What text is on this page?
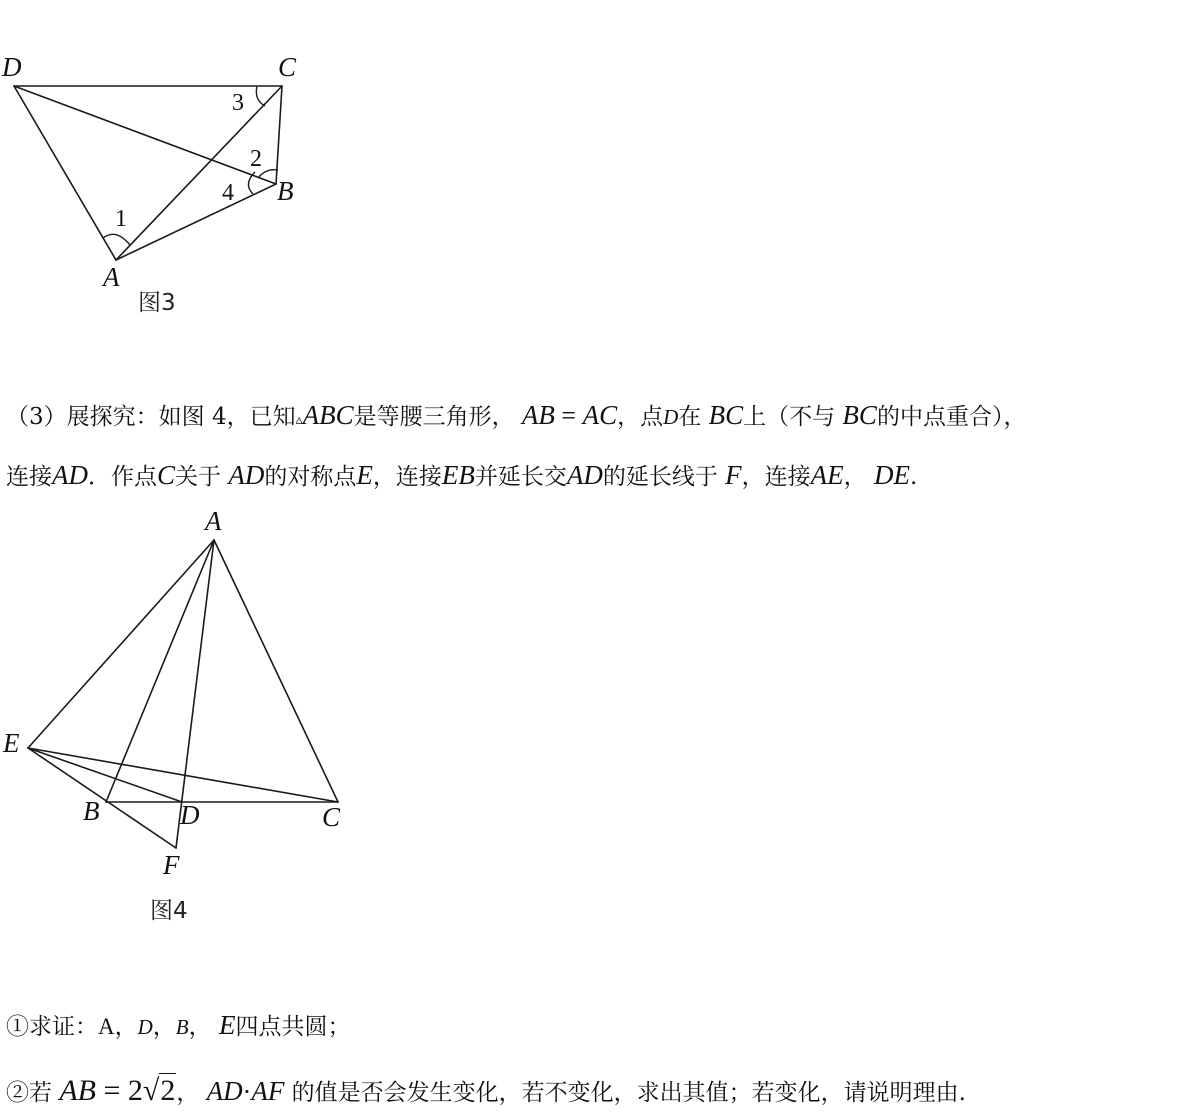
D	C
B
A
3
2
4
1
图3
（3）展探究：如图 4，已知▵ABC是等腰三角形， AB = AC，点D在 BC上（不与 BC的中点重合），
连接AD．作点C关于 AD的对称点E，连接EB并延长交AD的延长线于 F，连接AE， DE.
A
E
B	D	C
F
图4
①求证：A，D，B， E四点共圆；
②若 AB = 2√2， AD·AF 的值是否会发生变化，若不变化，求出其值；若变化，请说明理由.
